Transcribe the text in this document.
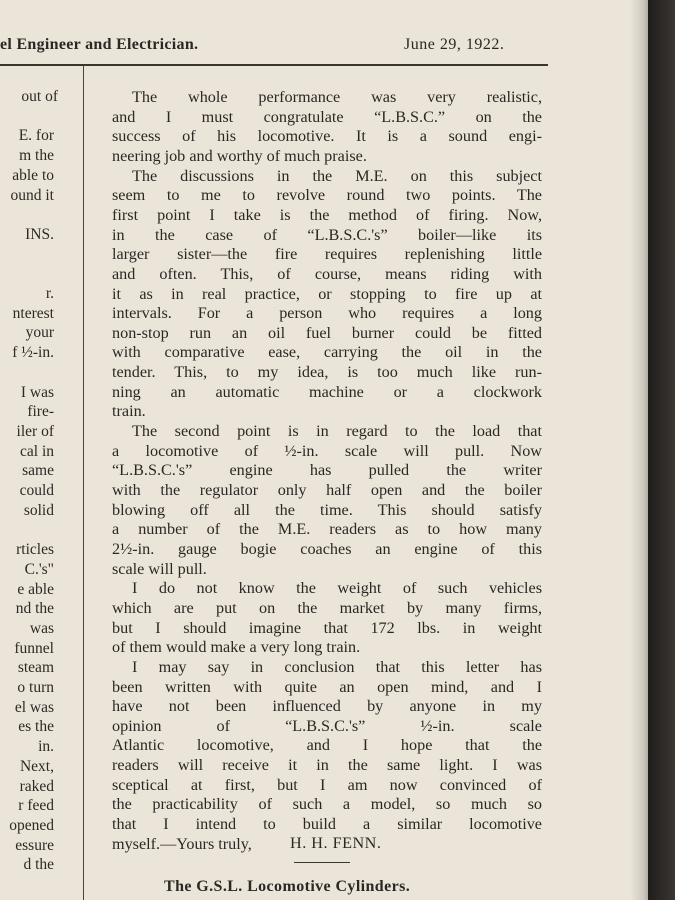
el Engineer and Electrician.	June 29, 1922.
out of
E. for
m the
able to
ound it
INS.
r.
nterest
your
f ½-in.
I was
fire-
iler of
cal in
same
could
solid
rticles
C.'s"
e able
nd the
was
funnel
steam
o turn
el was
es the
in.
Next,
raked
r feed
opened
essure
d the
The whole performance was very realistic,
and I must congratulate “L.B.S.C.” on the
success of his locomotive. It is a sound engi-
neering job and worthy of much praise.
The discussions in the M.E. on this subject
seem to me to revolve round two points. The
first point I take is the method of firing. Now,
in the case of “L.B.S.C.'s” boiler—like its
larger sister—the fire requires replenishing little
and often. This, of course, means riding with
it as in real practice, or stopping to fire up at
intervals. For a person who requires a long
non-stop run an oil fuel burner could be fitted
with comparative ease, carrying the oil in the
tender. This, to my idea, is too much like run-
ning an automatic machine or a clockwork
train.
The second point is in regard to the load that
a locomotive of ½-in. scale will pull. Now
“L.B.S.C.'s” engine has pulled the writer
with the regulator only half open and the boiler
blowing off all the time. This should satisfy
a number of the M.E. readers as to how many
2½-in. gauge bogie coaches an engine of this
scale will pull.
I do not know the weight of such vehicles
which are put on the market by many firms,
but I should imagine that 172 lbs. in weight
of them would make a very long train.
I may say in conclusion that this letter has
been written with quite an open mind, and I
have not been influenced by anyone in my
opinion of “L.B.S.C.'s” ½-in. scale
Atlantic locomotive, and I hope that the
readers will receive it in the same light. I was
sceptical at first, but I am now convinced of
the practicability of such a model, so much so
that I intend to build a similar locomotive
myself.—Yours truly,	H. H. FENN.
The G.S.L. Locomotive Cylinders.
